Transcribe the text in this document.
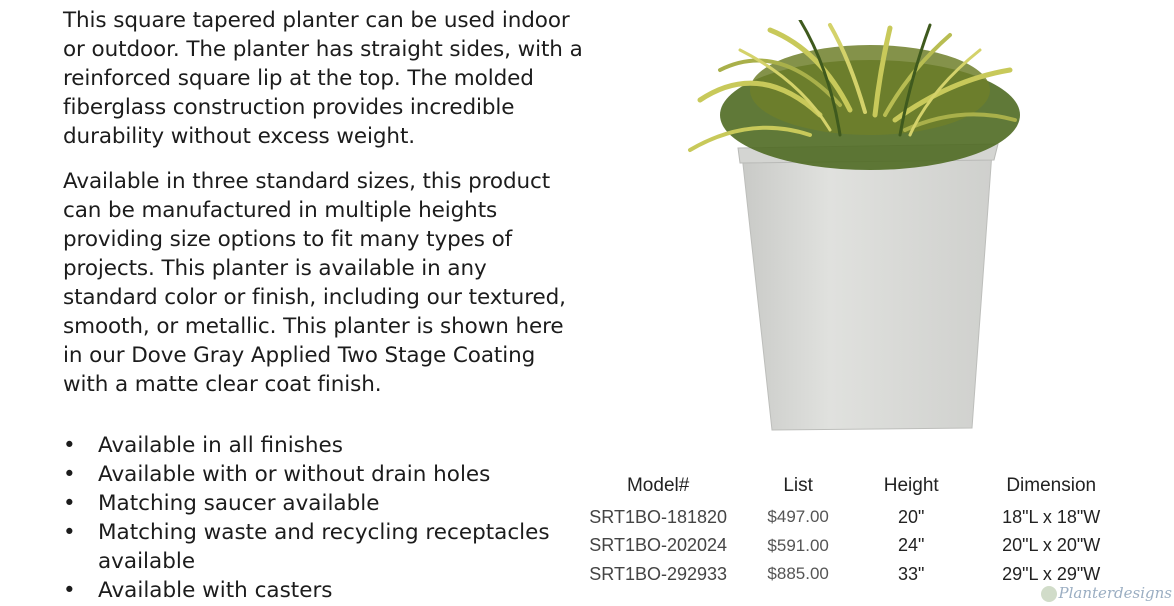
This square tapered planter can be used indoor or outdoor. The planter has straight sides, with a reinforced square lip at the top. The molded fiberglass construction provides incredible durability without excess weight.

Available in three standard sizes, this product can be manufactured in multiple heights providing size options to fit many types of projects. This planter is available in any standard color or finish, including our textured, smooth, or metallic. This planter is shown here in our Dove Gray Applied Two Stage Coating with a matte clear coat finish.

• Available in all finishes
• Available with or without drain holes
• Matching saucer available
• Matching waste and recycling receptacles available
• Available with casters
Model#	List	Height	Dimension
SRT1BO-181820	$497.00	20"	18"L x 18"W
SRT1BO-202024	$591.00	24"	20"L x 20"W
SRT1BO-292933	$885.00	33"	29"L x 29"W
Planterdesigns
